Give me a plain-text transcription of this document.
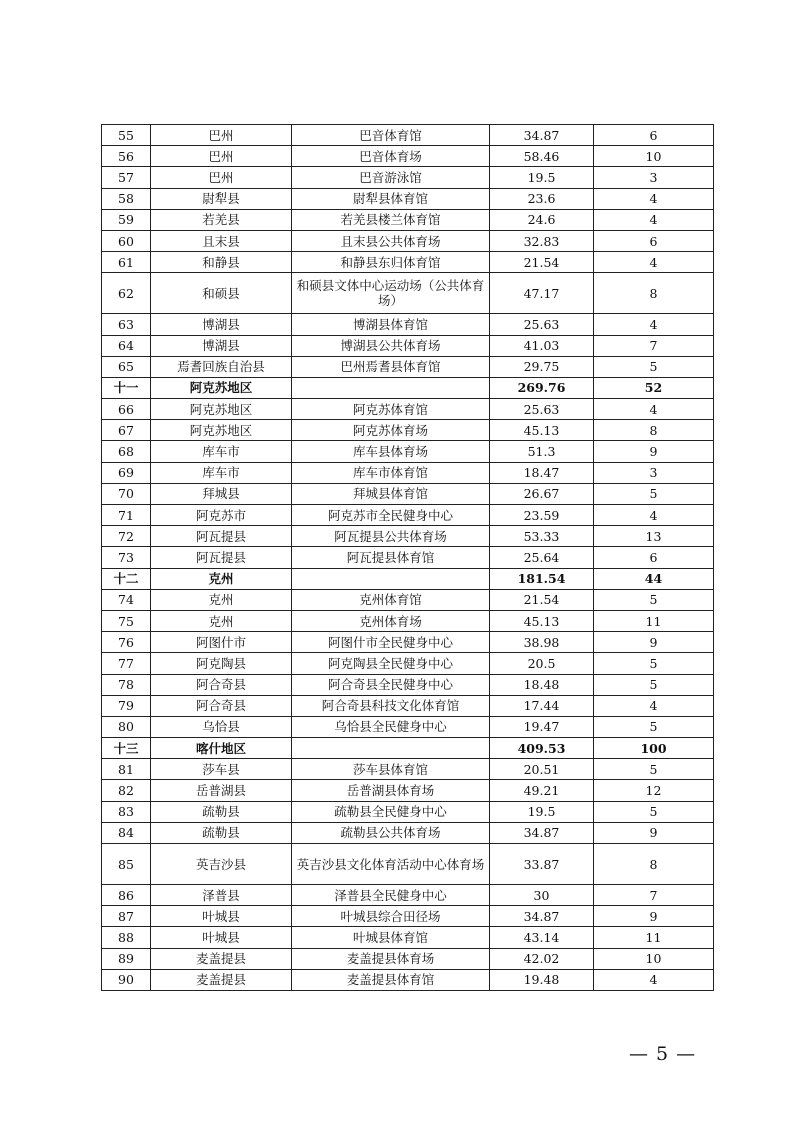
55	巴州	巴音体育馆	34.87	6
56	巴州	巴音体育场	58.46	10
57	巴州	巴音游泳馆	19.5	3
58	尉犁县	尉犁县体育馆	23.6	4
59	若羌县	若羌县楼兰体育馆	24.6	4
60	且末县	且末县公共体育场	32.83	6
61	和静县	和静县东归体育馆	21.54	4
62	和硕县	和硕县文体中心运动场（公共体育场）	47.17	8
63	博湖县	博湖县体育馆	25.63	4
64	博湖县	博湖县公共体育场	41.03	7
65	焉耆回族自治县	巴州焉耆县体育馆	29.75	5
十一	阿克苏地区		269.76	52
66	阿克苏地区	阿克苏体育馆	25.63	4
67	阿克苏地区	阿克苏体育场	45.13	8
68	库车市	库车县体育场	51.3	9
69	库车市	库车市体育馆	18.47	3
70	拜城县	拜城县体育馆	26.67	5
71	阿克苏市	阿克苏市全民健身中心	23.59	4
72	阿瓦提县	阿瓦提县公共体育场	53.33	13
73	阿瓦提县	阿瓦提县体育馆	25.64	6
十二	克州		181.54	44
74	克州	克州体育馆	21.54	5
75	克州	克州体育场	45.13	11
76	阿图什市	阿图什市全民健身中心	38.98	9
77	阿克陶县	阿克陶县全民健身中心	20.5	5
78	阿合奇县	阿合奇县全民健身中心	18.48	5
79	阿合奇县	阿合奇县科技文化体育馆	17.44	4
80	乌恰县	乌恰县全民健身中心	19.47	5
十三	喀什地区		409.53	100
81	莎车县	莎车县体育馆	20.51	5
82	岳普湖县	岳普湖县体育场	49.21	12
83	疏勒县	疏勒县全民健身中心	19.5	5
84	疏勒县	疏勒县公共体育场	34.87	9
85	英吉沙县	英吉沙县文化体育活动中心体育场	33.87	8
86	泽普县	泽普县全民健身中心	30	7
87	叶城县	叶城县综合田径场	34.87	9
88	叶城县	叶城县体育馆	43.14	11
89	麦盖提县	麦盖提县体育场	42.02	10
90	麦盖提县	麦盖提县体育馆	19.48	4
— 5 —
